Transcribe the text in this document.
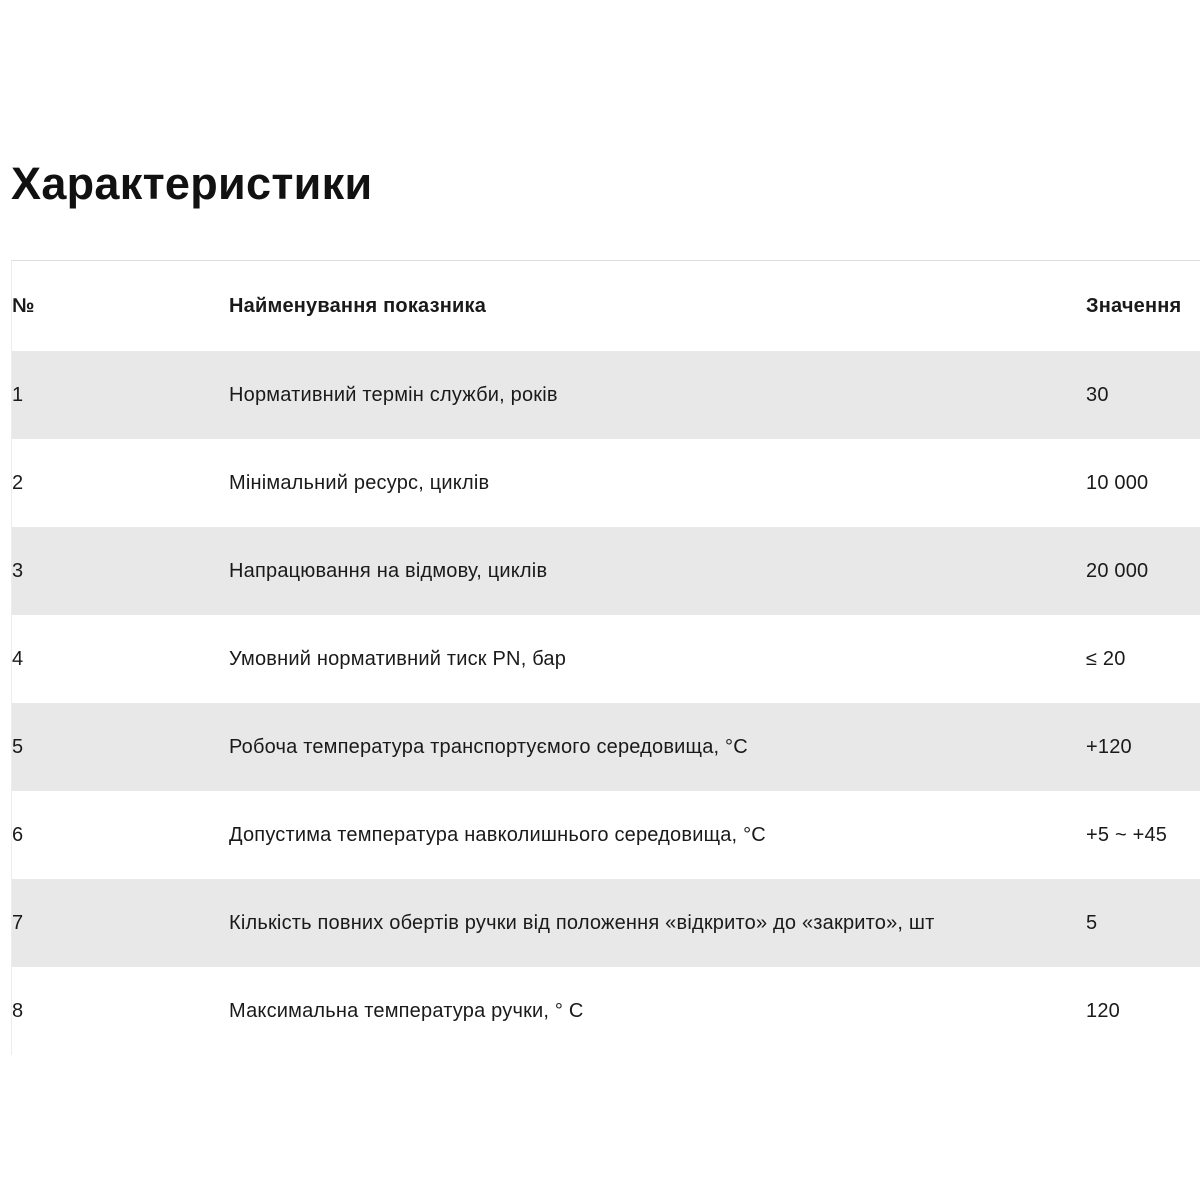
Характеристики
№	Найменування показника	Значення
1	Нормативний термін служби, років	30
2	Мінімальний ресурс, циклів	10 000
3	Напрацювання на відмову, циклів	20 000
4	Умовний нормативний тиск PN, бар	≤ 20
5	Робоча температура транспортуємого середовища, °С	+120
6	Допустима температура навколишнього середовища, °С	+5 ~ +45
7	Кількість повних обертів ручки від положення «відкрито» до «закрито», шт	5
8	Максимальна температура ручки, ° С	120
